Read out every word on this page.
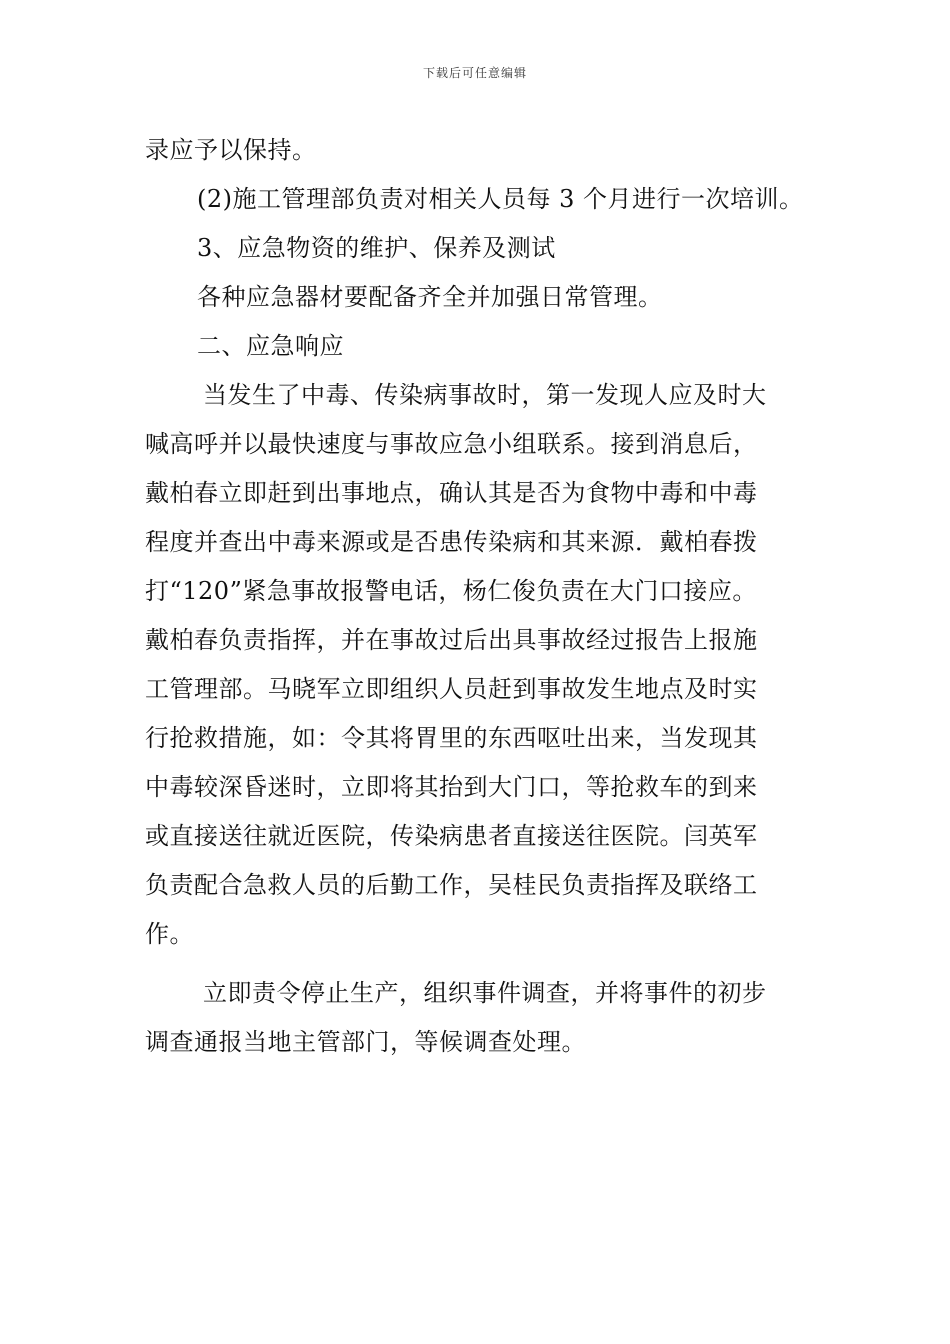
下载后可任意编辑

录应予以保持。

(2)施工管理部负责对相关人员每 3 个月进行一次培训。

3、应急物资的维护、保养及测试

各种应急器材要配备齐全并加强日常管理。

二、应急响应

当发生了中毒、传染病事故时，第一发现人应及时大
喊高呼并以最快速度与事故应急小组联系。接到消息后，
戴柏春立即赶到出事地点，确认其是否为食物中毒和中毒
程度并查出中毒来源或是否患传染病和其来源．戴柏春拨
打“120”紧急事故报警电话，杨仁俊负责在大门口接应。
戴柏春负责指挥，并在事故过后出具事故经过报告上报施
工管理部。马晓军立即组织人员赶到事故发生地点及时实
行抢救措施，如：令其将胃里的东西呕吐出来，当发现其
中毒较深昏迷时，立即将其抬到大门口，等抢救车的到来
或直接送往就近医院，传染病患者直接送往医院。闫英军
负责配合急救人员的后勤工作，吴桂民负责指挥及联络工
作。

立即责令停止生产，组织事件调查，并将事件的初步
调查通报当地主管部门，等候调查处理。
